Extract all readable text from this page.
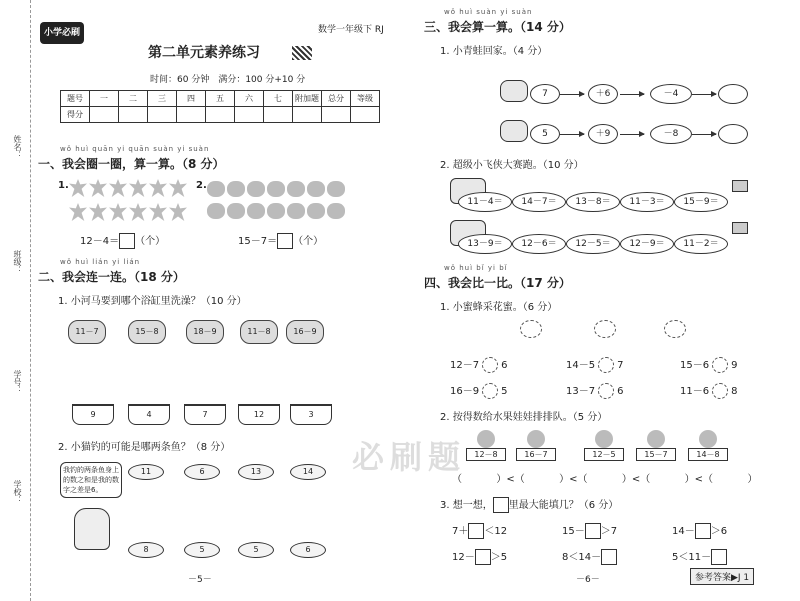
姓名：
班级：
学号：
学校：
小学必刷题
数学一年级下 RJ
第二单元素养练习
时间：60 分钟　满分：100 分+10 分
题号	一	二	三	四	五	六	七	附加题	总分	等级
得分										
wǒ huì quān yi quān suàn yi suàn
一、我会圈一圈，算一算。（8 分）
1.
	2.

12－4＝ （个）	15－7＝ （个）
wǒ huì lián yi lián
二、我会连一连。（18 分）
1. 小河马要到哪个浴缸里洗澡？（10 分）
11－7	15－8	18－9	11－8	16－9
9	4	7	12	3
2. 小猫钓的可能是哪两条鱼？（8 分）
我钓的两条鱼身上的数之和是我的数字之差是6。
11	6	13	14
8	5	5	6
－5－
必刷题
wǒ huì suàn yi suàn
三、我会算一算。（14 分）
1. 小青蛙回家。（4 分）
7	＋6	－4
5	＋9	－8
2. 超级小飞侠大赛跑。（10 分）
11－4＝	14－7＝	13－8＝	11－3＝	15－9＝
13－9＝	12－6＝	12－5＝	12－9＝	11－2＝
wǒ huì bǐ yi bǐ
四、我会比一比。（17 分）
1. 小蜜蜂采花蜜。（6 分）
12－7 6	14－5 7	15－6 9
16－9 5	13－7 6	11－6 8
2. 按得数给水果娃娃排排队。（5 分）
12－8	16－7	12－5	15－7	14－8
（	）<（	）<（	）<（	）<（	）
3. 想一想， 里最大能填几？（6 分）
7＋ ＜12	15－ ＞7	14－ ＞6
12－ ＞5	8＜14－	5＜11－
－6－	参考答案▶J 1
